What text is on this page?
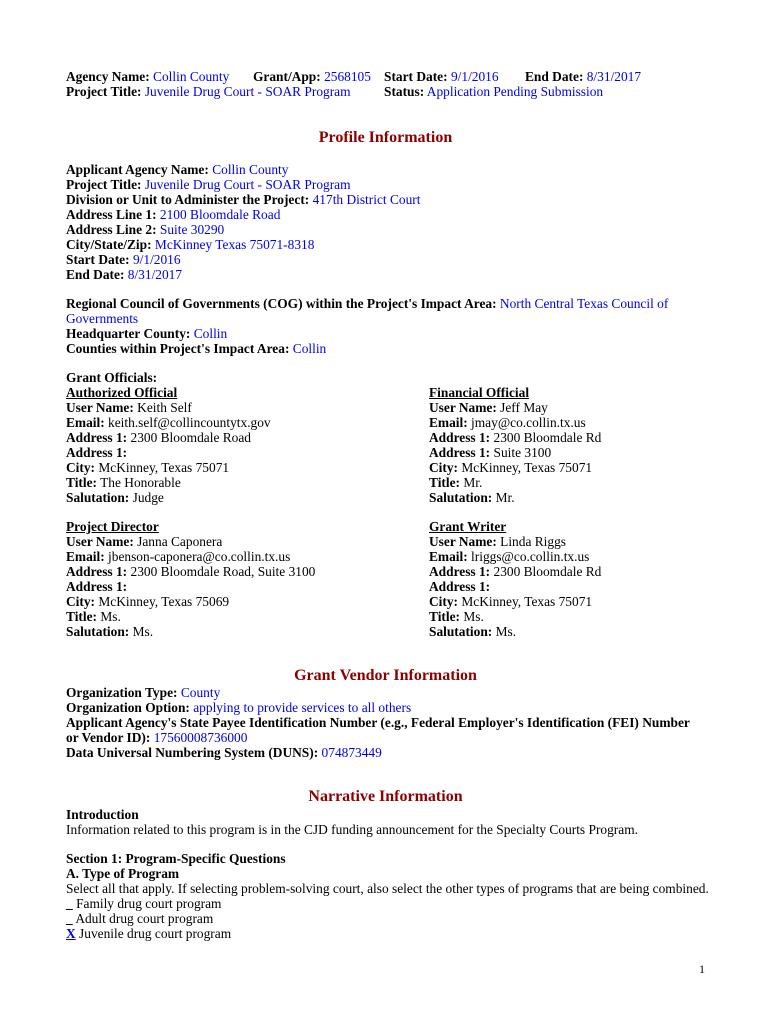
Agency Name: Collin County Grant/App: 2568105 Start Date: 9/1/2016 End Date: 8/31/2017
Project Title: Juvenile Drug Court - SOAR Program Status: Application Pending Submission
Profile Information
Applicant Agency Name: Collin County
Project Title: Juvenile Drug Court - SOAR Program
Division or Unit to Administer the Project: 417th District Court
Address Line 1: 2100 Bloomdale Road
Address Line 2: Suite 30290
City/State/Zip: McKinney Texas 75071-8318
Start Date: 9/1/2016
End Date: 8/31/2017
Regional Council of Governments (COG) within the Project's Impact Area: North Central Texas Council of Governments
Headquarter County: Collin
Counties within Project's Impact Area: Collin
Grant Officials:
Authorized Official
User Name: Keith Self
Email: keith.self@collincountytx.gov
Address 1: 2300 Bloomdale Road
Address 1:
City: McKinney, Texas 75071
Title: The Honorable
Salutation: Judge
Financial Official
User Name: Jeff May
Email: jmay@co.collin.tx.us
Address 1: 2300 Bloomdale Rd
Address 1: Suite 3100
City: McKinney, Texas 75071
Title: Mr.
Salutation: Mr.
Project Director
User Name: Janna Caponera
Email: jbenson-caponera@co.collin.tx.us
Address 1: 2300 Bloomdale Road, Suite 3100
Address 1:
City: McKinney, Texas 75069
Title: Ms.
Salutation: Ms.
Grant Writer
User Name: Linda Riggs
Email: lriggs@co.collin.tx.us
Address 1: 2300 Bloomdale Rd
Address 1:
City: McKinney, Texas 75071
Title: Ms.
Salutation: Ms.
Grant Vendor Information
Organization Type: County
Organization Option: applying to provide services to all others
Applicant Agency's State Payee Identification Number (e.g., Federal Employer's Identification (FEI) Number or Vendor ID): 17560008736000
Data Universal Numbering System (DUNS): 074873449
Narrative Information
Introduction
Information related to this program is in the CJD funding announcement for the Specialty Courts Program.
Section 1: Program-Specific Questions
A. Type of Program
Select all that apply. If selecting problem-solving court, also select the other types of programs that are being combined.
_ Family drug court program
_ Adult drug court program
X Juvenile drug court program
1
